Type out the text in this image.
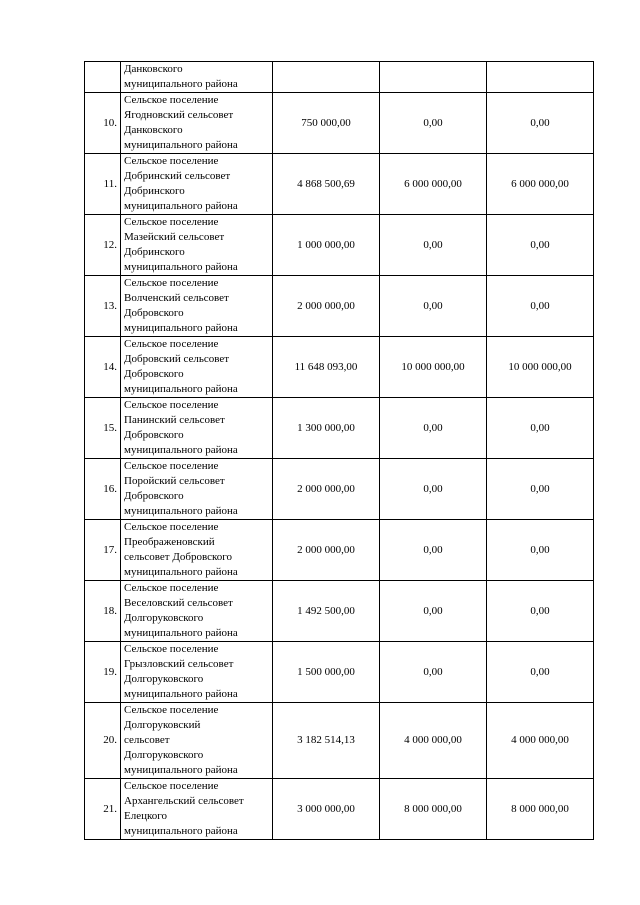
	Данковского
муниципального района			
10.	Сельское поселение
Ягодновский сельсовет
Данковского
муниципального района	750 000,00	0,00	0,00
11.	Сельское поселение
Добринский сельсовет
Добринского
муниципального района	4 868 500,69	6 000 000,00	6 000 000,00
12.	Сельское поселение
Мазейский сельсовет
Добринского
муниципального района	1 000 000,00	0,00	0,00
13.	Сельское поселение
Волченский сельсовет
Добровского
муниципального района	2 000 000,00	0,00	0,00
14.	Сельское поселение
Добровский сельсовет
Добровского
муниципального района	11 648 093,00	10 000 000,00	10 000 000,00
15.	Сельское поселение
Панинский сельсовет
Добровского
муниципального района	1 300 000,00	0,00	0,00
16.	Сельское поселение
Поройский сельсовет
Добровского
муниципального района	2 000 000,00	0,00	0,00
17.	Сельское поселение
Преображеновский
сельсовет Добровского
муниципального района	2 000 000,00	0,00	0,00
18.	Сельское поселение
Веселовский сельсовет
Долгоруковского
муниципального района	1 492 500,00	0,00	0,00
19.	Сельское поселение
Грызловский сельсовет
Долгоруковского
муниципального района	1 500 000,00	0,00	0,00
20.	Сельское поселение
Долгоруковский
сельсовет
Долгоруковского
муниципального района	3 182 514,13	4 000 000,00	4 000 000,00
21.	Сельское поселение
Архангельский сельсовет
Елецкого
муниципального района	3 000 000,00	8 000 000,00	8 000 000,00
